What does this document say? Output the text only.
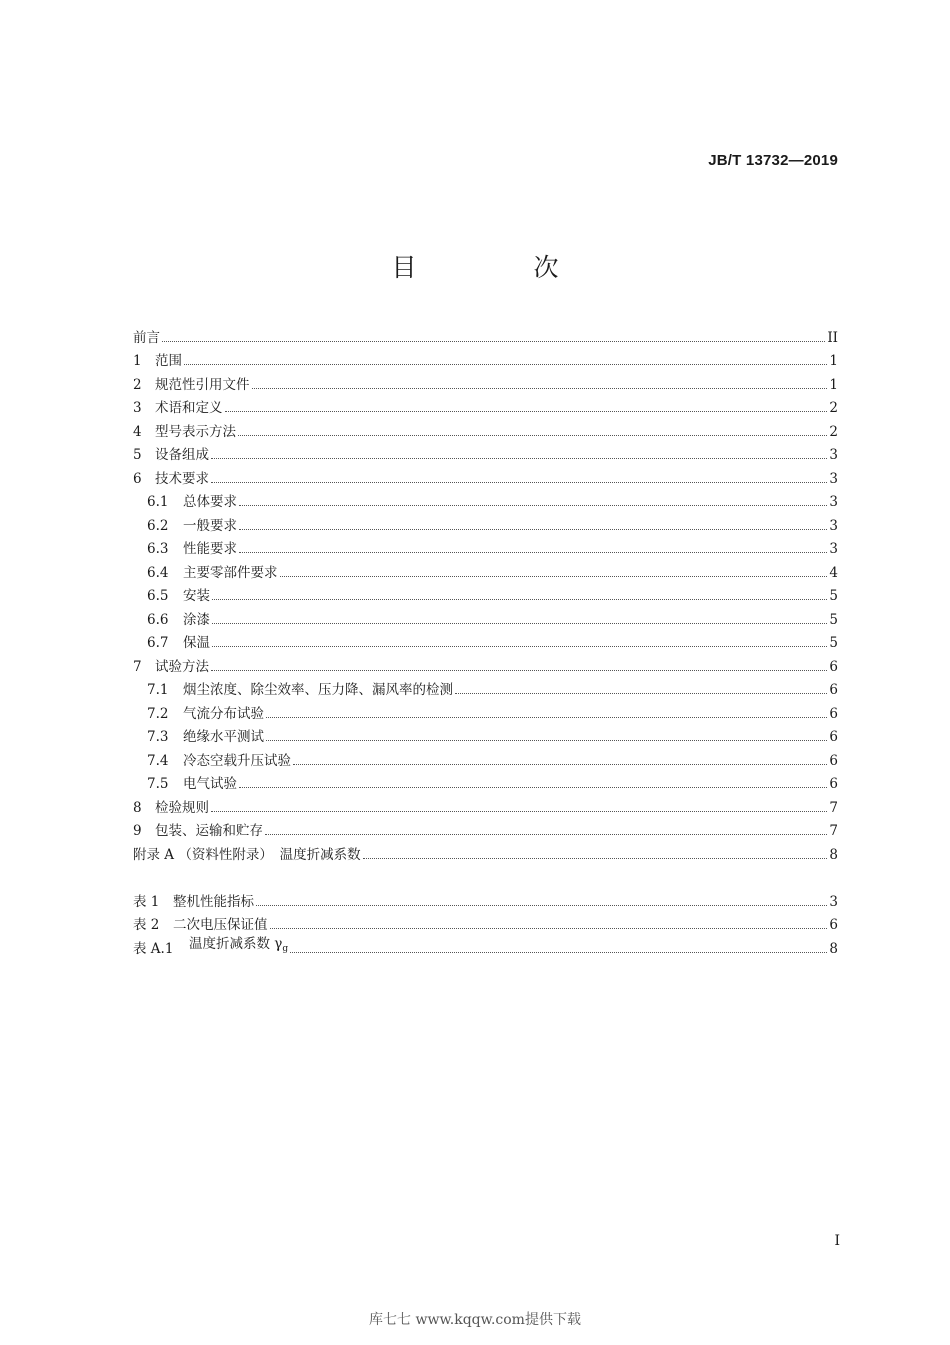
JB/T 13732—2019
目　次
前言	II
1 范围	1
2 规范性引用文件	1
3 术语和定义	2
4 型号表示方法	2
5 设备组成	3
6 技术要求	3
6.1	总体要求	3
6.2	一般要求	3
6.3	性能要求	3
6.4	主要零部件要求	4
6.5	安装	5
6.6	涂漆	5
6.7	保温	5
7 试验方法	6
7.1	烟尘浓度、除尘效率、压力降、漏风率的检测	6
7.2	气流分布试验	6
7.3	绝缘水平测试	6
7.4	冷态空载升压试验	6
7.5	电气试验	6
8 检验规则	7
9 包装、运输和贮存	7
附录 A （资料性附录）　温度折减系数	8
表 1	整机性能指标	3
表 2	二次电压保证值	6
表 A.1	温度折减系数 $\gamma_g$	8
I
库七七 www.kqqw.com提供下载
